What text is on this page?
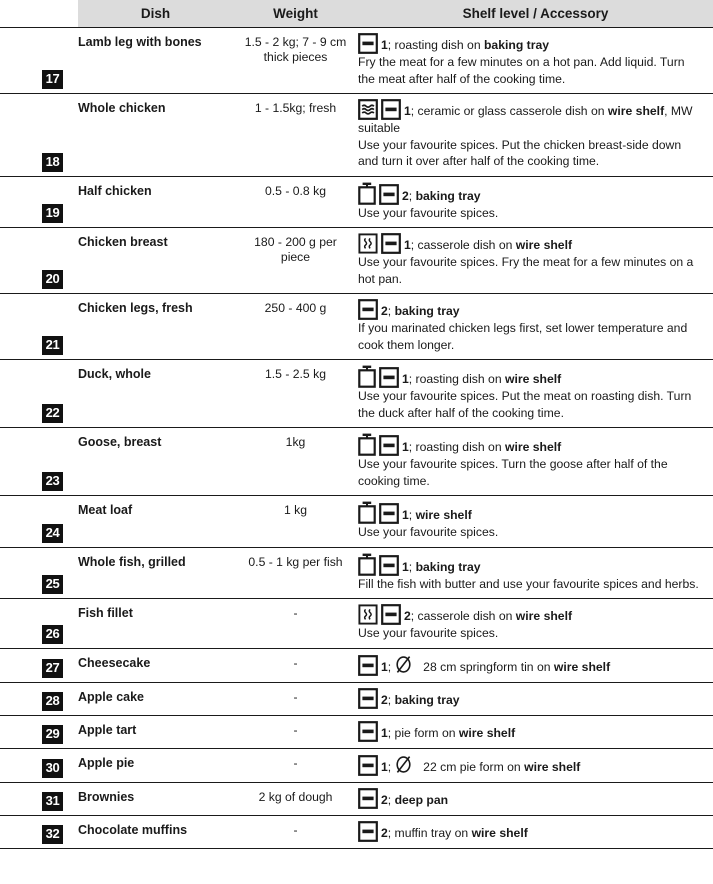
	Dish	Weight	Shelf level / Accessory
17	Lamb leg with bones	1.5 - 2 kg; 7 - 9 cm thick pieces	1; roasting dish on baking tray
Fry the meat for a few minutes on a hot pan. Add liquid. Turn the meat after half of the cooking time.

18	Whole chicken	1 - 1.5kg; fresh	1; ceramic or glass casserole dish on wire shelf, MW suitable
Use your favourite spices. Put the chicken breast-side down and turn it over after half of the cooking time.

19	Half chicken	0.5 - 0.8 kg	2; baking tray
Use your favourite spices.

20	Chicken breast	180 - 200 g per piece	1; casserole dish on wire shelf
Use your favourite spices. Fry the meat for a few minutes on a hot pan.

21	Chicken legs, fresh	250 - 400 g	2; baking tray
If you marinated chicken legs first, set lower temperature and cook them longer.

22	Duck, whole	1.5 - 2.5 kg	1; roasting dish on wire shelf
Use your favourite spices. Put the meat on roasting dish. Turn the duck after half of the cooking time.

23	Goose, breast	1kg	1; roasting dish on wire shelf
Use your favourite spices. Turn the goose after half of the cooking time.

24	Meat loaf	1 kg	1; wire shelf
Use your favourite spices.

25	Whole fish, grilled	0.5 - 1 kg per fish	1; baking tray
Fill the fish with butter and use your favourite spices and herbs.

26	Fish fillet	-	2; casserole dish on wire shelf
Use your favourite spices.

27	Cheesecake	-	1; 28 cm springform tin on wire shelf

28	Apple cake	-	2; baking tray

29	Apple tart	-	1; pie form on wire shelf

30	Apple pie	-	1; 22 cm pie form on wire shelf

31	Brownies	2 kg of dough	2; deep pan

32	Chocolate muffins	-	2; muffin tray on wire shelf
